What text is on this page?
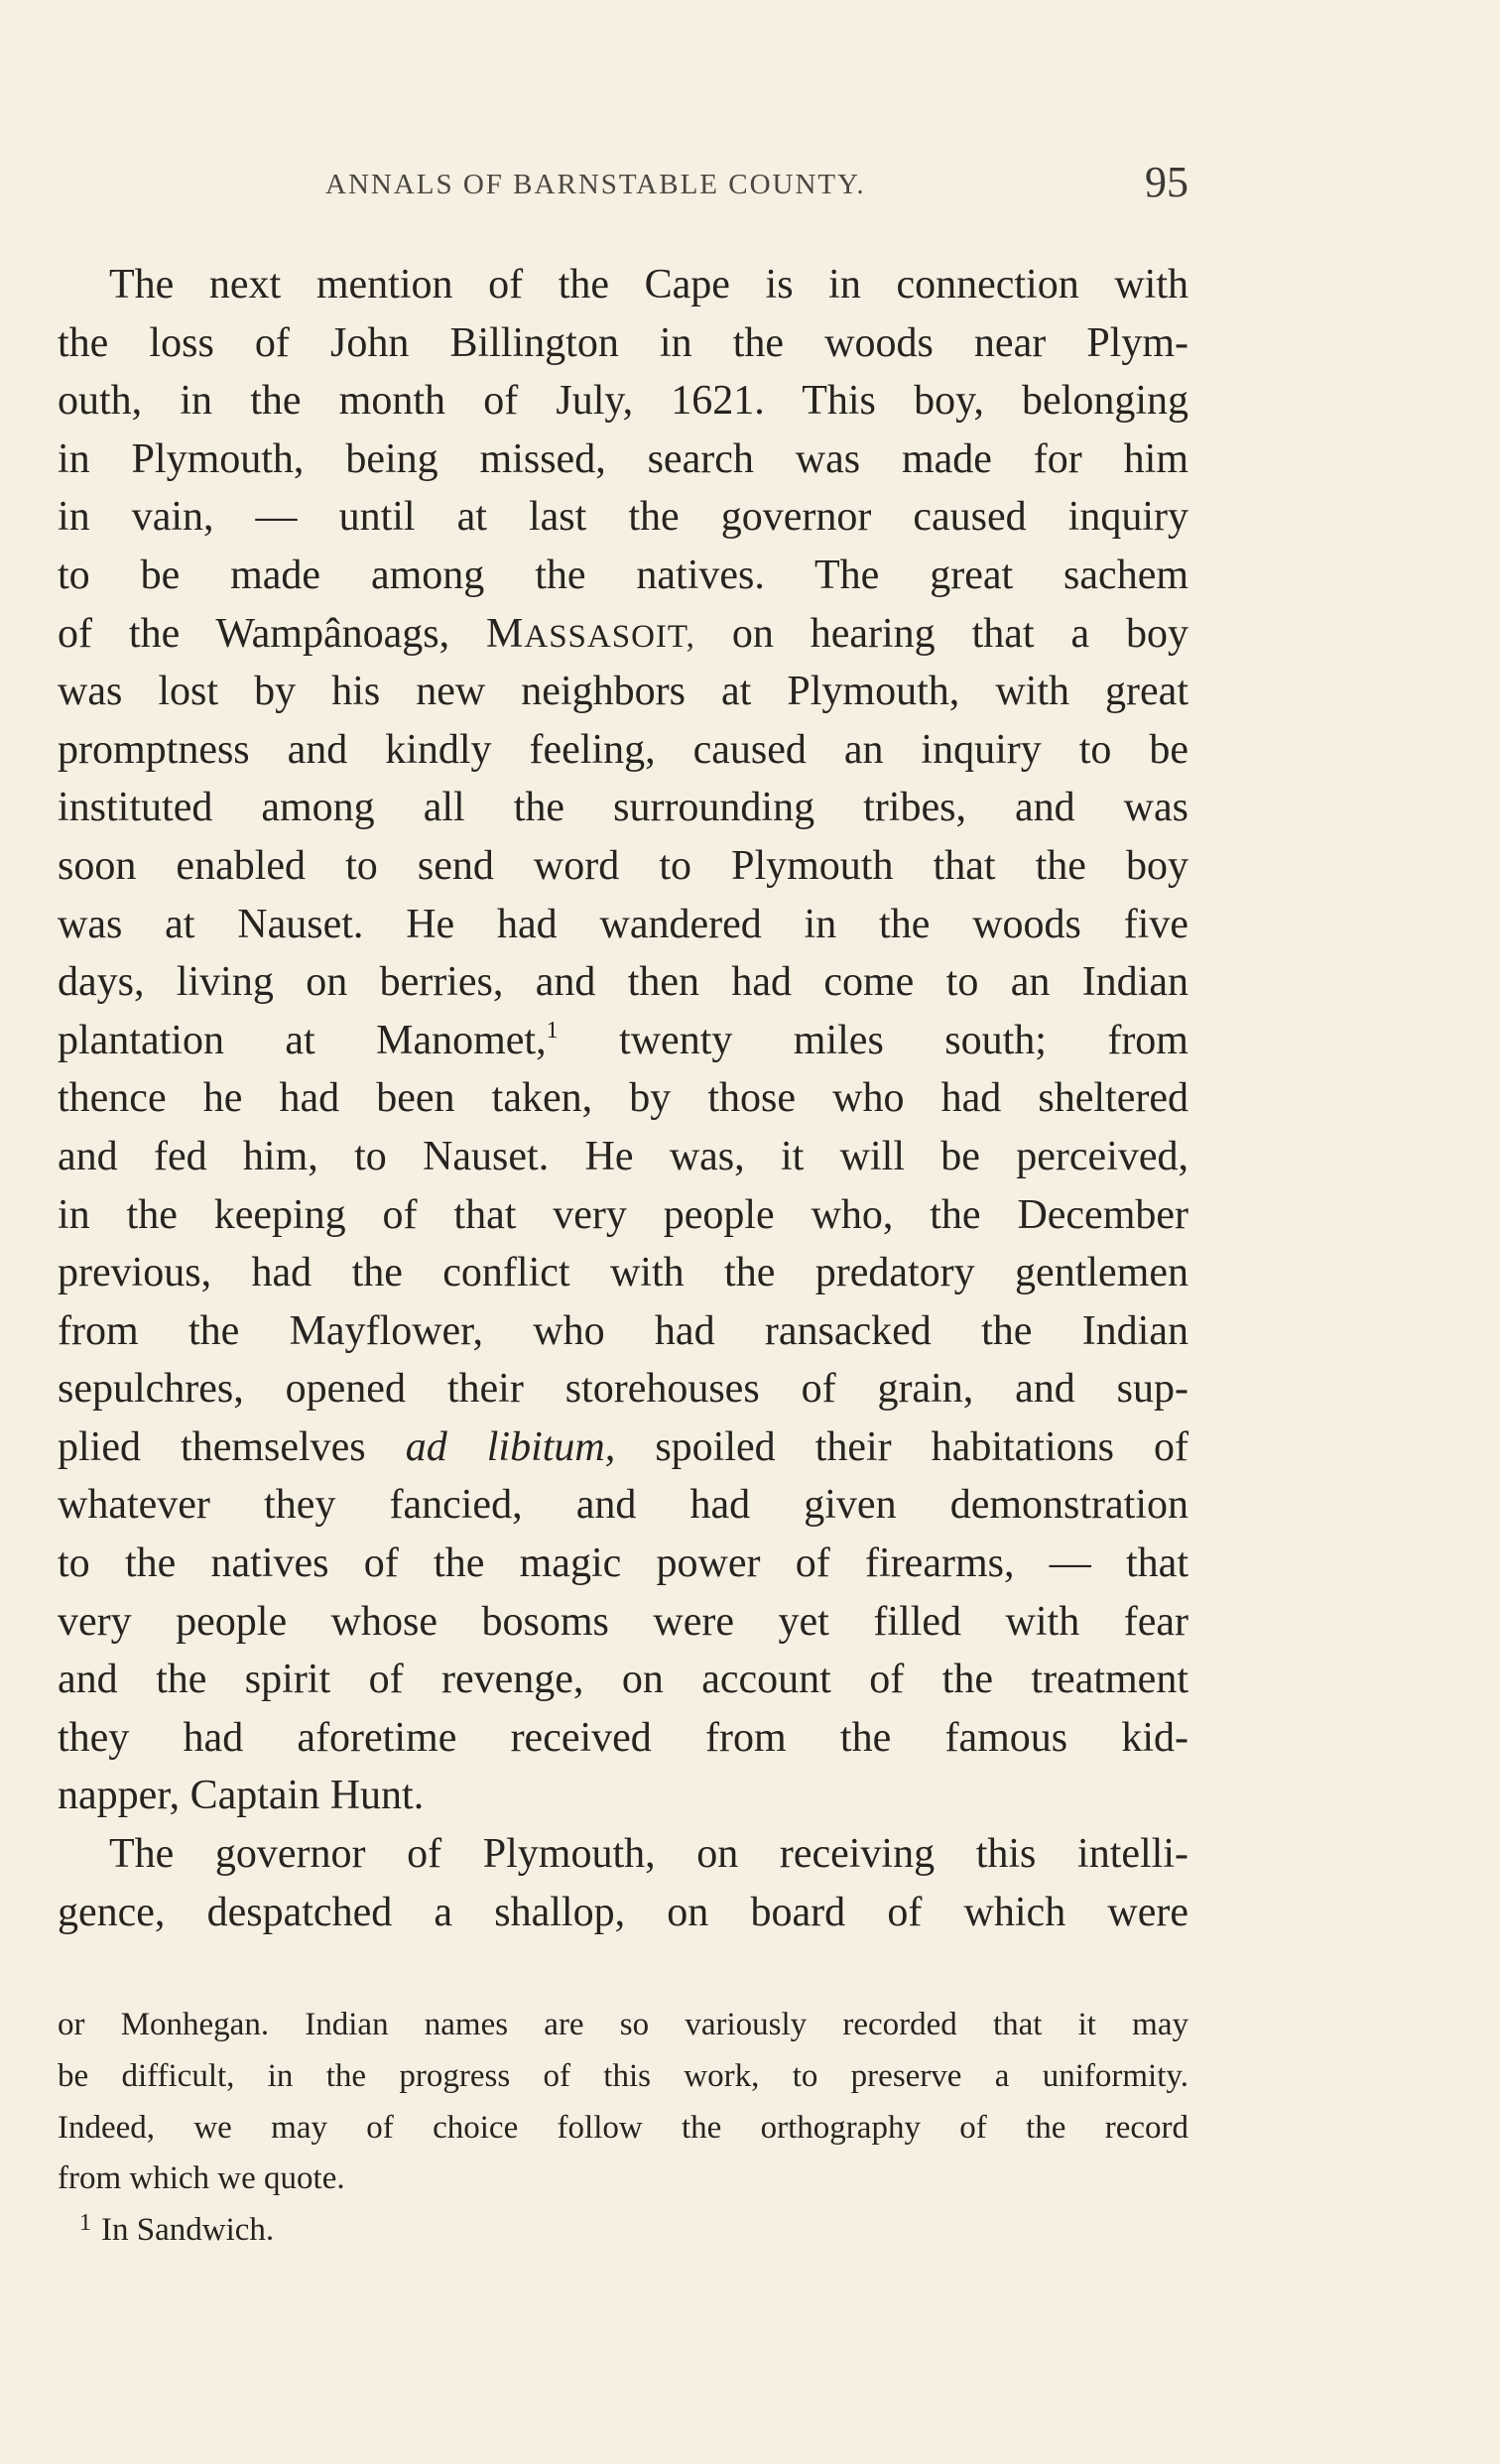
ANNALS OF BARNSTABLE COUNTY.	95
The next mention of the Cape is in connection with
the loss of John Billington in the woods near Plym-
outh, in the month of July, 1621. This boy, belonging
in Plymouth, being missed, search was made for him
in vain, — until at last the governor caused inquiry
to be made among the natives. The great sachem
of the Wampânoags, MASSASOIT, on hearing that a boy
was lost by his new neighbors at Plymouth, with great
promptness and kindly feeling, caused an inquiry to be
instituted among all the surrounding tribes, and was
soon enabled to send word to Plymouth that the boy
was at Nauset. He had wandered in the woods five
days, living on berries, and then had come to an Indian
plantation at Manomet,$^1$ twenty miles south; from
thence he had been taken, by those who had sheltered
and fed him, to Nauset. He was, it will be perceived,
in the keeping of that very people who, the December
previous, had the conflict with the predatory gentlemen
from the Mayflower, who had ransacked the Indian
sepulchres, opened their storehouses of grain, and sup-
plied themselves ad libitum, spoiled their habitations of
whatever they fancied, and had given demonstration
to the natives of the magic power of firearms, — that
very people whose bosoms were yet filled with fear
and the spirit of revenge, on account of the treatment
they had aforetime received from the famous kid-
napper, Captain Hunt.
The governor of Plymouth, on receiving this intelli-
gence, despatched a shallop, on board of which were
or Monhegan. Indian names are so variously recorded that it may
be difficult, in the progress of this work, to preserve a uniformity.
Indeed, we may of choice follow the orthography of the record
from which we quote.
$^1$ In Sandwich.
